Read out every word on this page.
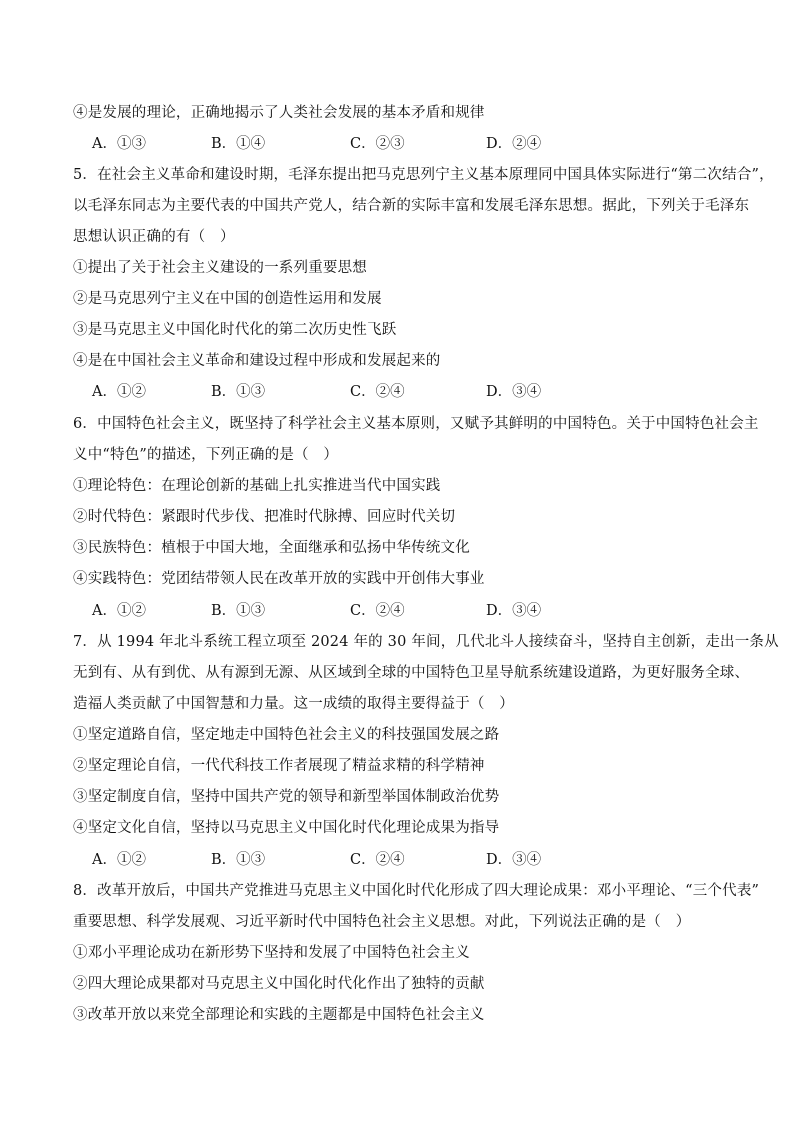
④是发展的理论，正确地揭示了人类社会发展的基本矛盾和规律
A．①③	B．①④	C．②③	D．②④
5．在社会主义革命和建设时期，毛泽东提出把马克思列宁主义基本原理同中国具体实际进行“第二次结合”，
以毛泽东同志为主要代表的中国共产党人，结合新的实际丰富和发展毛泽东思想。据此，下列关于毛泽东
思想认识正确的有（　）
①提出了关于社会主义建设的一系列重要思想
②是马克思列宁主义在中国的创造性运用和发展
③是马克思主义中国化时代化的第二次历史性飞跃
④是在中国社会主义革命和建设过程中形成和发展起来的
A．①②	B．①③	C．②④	D．③④
6．中国特色社会主义，既坚持了科学社会主义基本原则，又赋予其鲜明的中国特色。关于中国特色社会主
义中“特色”的描述，下列正确的是（　）
①理论特色：在理论创新的基础上扎实推进当代中国实践
②时代特色：紧跟时代步伐、把准时代脉搏、回应时代关切
③民族特色：植根于中国大地，全面继承和弘扬中华传统文化
④实践特色：党团结带领人民在改革开放的实践中开创伟大事业
A．①②	B．①③	C．②④	D．③④
7．从 1994 年北斗系统工程立项至 2024 年的 30 年间，几代北斗人接续奋斗，坚持自主创新，走出一条从
无到有、从有到优、从有源到无源、从区域到全球的中国特色卫星导航系统建设道路，为更好服务全球、
造福人类贡献了中国智慧和力量。这一成绩的取得主要得益于（　）
①坚定道路自信，坚定地走中国特色社会主义的科技强国发展之路
②坚定理论自信，一代代科技工作者展现了精益求精的科学精神
③坚定制度自信，坚持中国共产党的领导和新型举国体制政治优势
④坚定文化自信，坚持以马克思主义中国化时代化理论成果为指导
A．①②	B．①③	C．②④	D．③④
8．改革开放后，中国共产党推进马克思主义中国化时代化形成了四大理论成果：邓小平理论、“三个代表”
重要思想、科学发展观、习近平新时代中国特色社会主义思想。对此，下列说法正确的是（　）
①邓小平理论成功在新形势下坚持和发展了中国特色社会主义
②四大理论成果都对马克思主义中国化时代化作出了独特的贡献
③改革开放以来党全部理论和实践的主题都是中国特色社会主义
